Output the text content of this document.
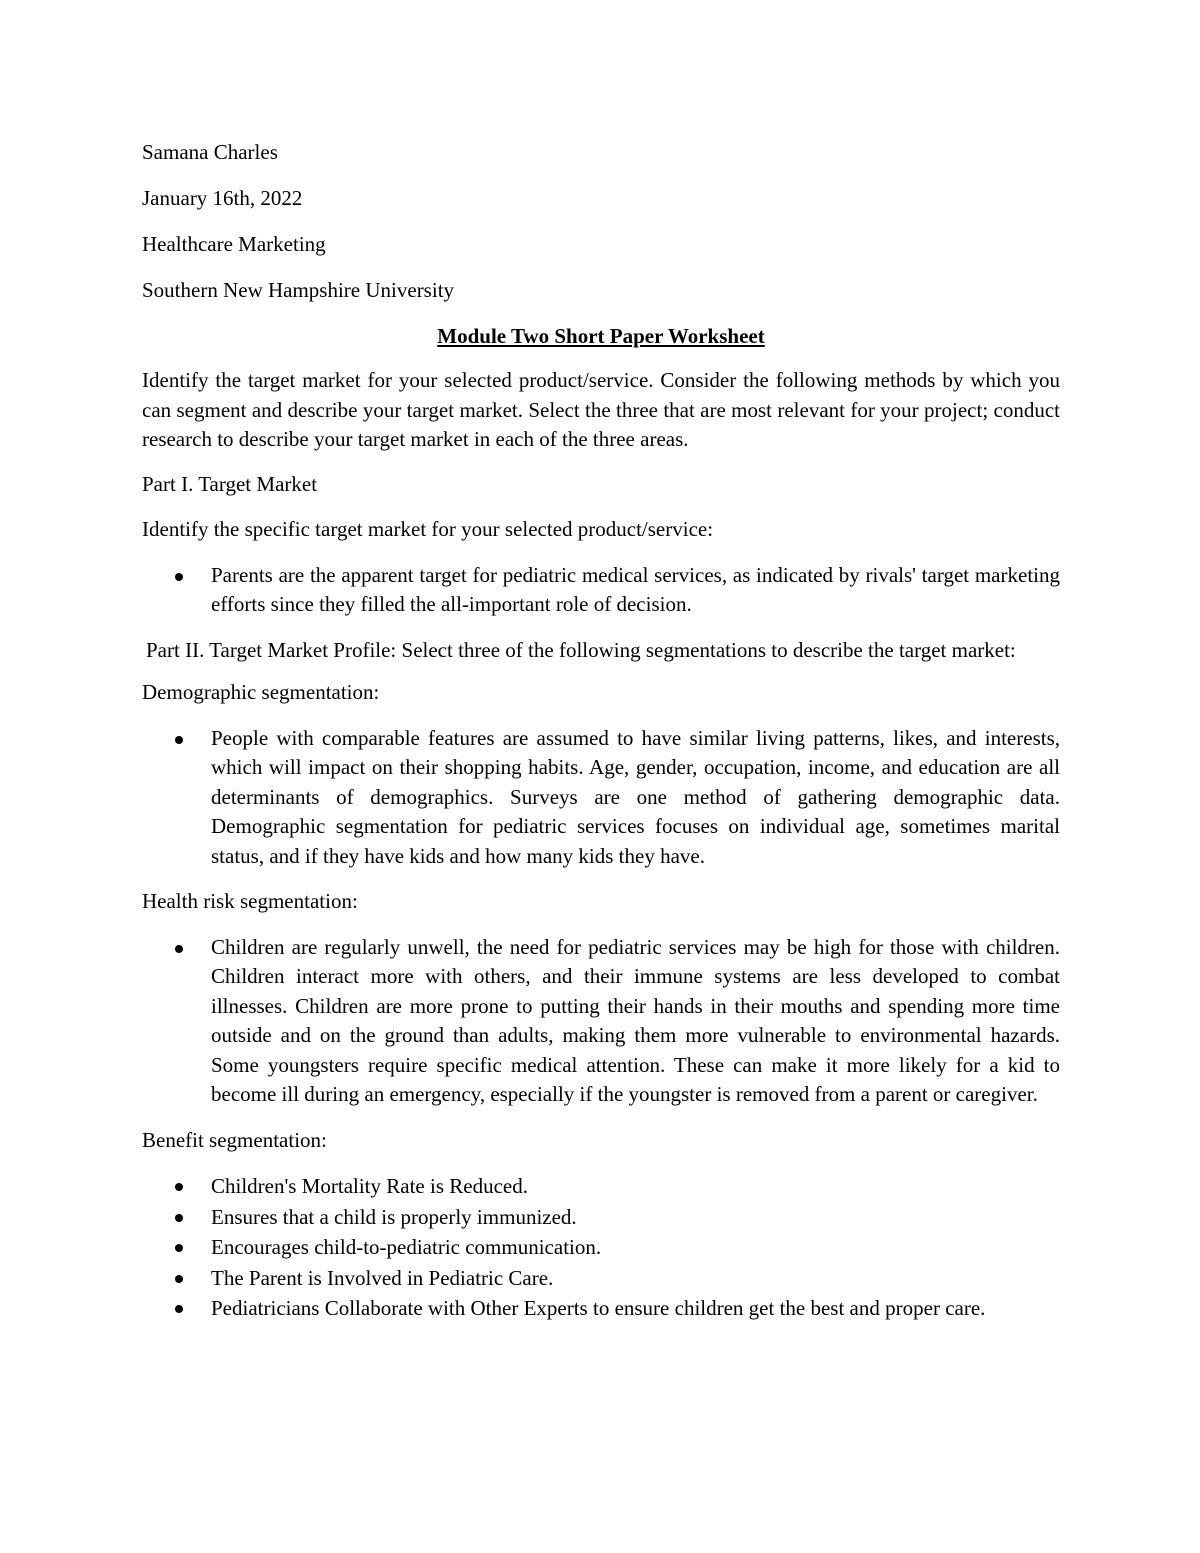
Samana Charles
January 16th, 2022
Healthcare Marketing
Southern New Hampshire University
Module Two Short Paper Worksheet

Identify the target market for your selected product/service. Consider the following methods by which you can segment and describe your target market. Select the three that are most relevant for your project; conduct research to describe your target market in each of the three areas.

Part I. Target Market
Identify the specific target market for your selected product/service:
Parents are the apparent target for pediatric medical services, as indicated by rivals' target marketing efforts since they filled the all-important role of decision.

Part II. Target Market Profile: Select three of the following segmentations to describe the target market:

Demographic segmentation:
People with comparable features are assumed to have similar living patterns, likes, and interests, which will impact on their shopping habits. Age, gender, occupation, income, and education are all determinants of demographics. Surveys are one method of gathering demographic data. Demographic segmentation for pediatric services focuses on individual age, sometimes marital status, and if they have kids and how many kids they have.
Health risk segmentation:
Children are regularly unwell, the need for pediatric services may be high for those with children. Children interact more with others, and their immune systems are less developed to combat illnesses. Children are more prone to putting their hands in their mouths and spending more time outside and on the ground than adults, making them more vulnerable to environmental hazards. Some youngsters require specific medical attention. These can make it more likely for a kid to become ill during an emergency, especially if the youngster is removed from a parent or caregiver.
Benefit segmentation:
Children's Mortality Rate is Reduced.
Ensures that a child is properly immunized.
Encourages child-to-pediatric communication.
The Parent is Involved in Pediatric Care.
Pediatricians Collaborate with Other Experts to ensure children get the best and proper care.
